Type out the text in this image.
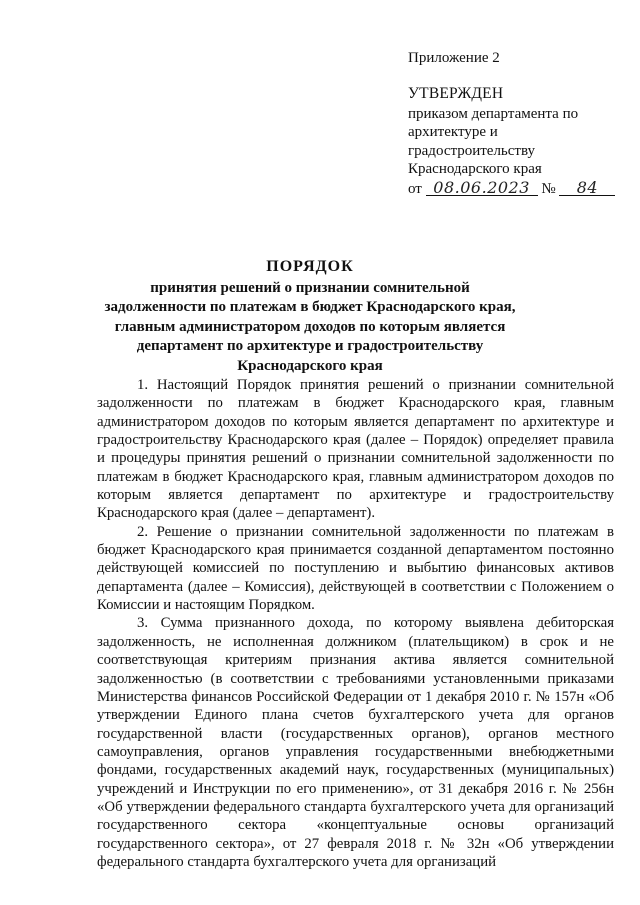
Приложение 2
УТВЕРЖДЕН
приказом департамента по
архитектуре и
градостроительству
Краснодарского края
от 08.06.2023 № 84
ПОРЯДОК
принятия решений о признании сомнительной
задолженности по платежам в бюджет Краснодарского края,
главным администратором доходов по которым является
департамент по архитектуре и градостроительству
Краснодарского края

1. Настоящий Порядок принятия решений о признании сомнительной задолженности по платежам в бюджет Краснодарского края, главным администратором доходов по которым является департамент по архитектуре и градостроительству Краснодарского края (далее – Порядок) определяет правила и процедуры принятия решений о признании сомнительной задолженности по платежам в бюджет Краснодарского края, главным администратором доходов по которым является департамент по архитектуре и градостроительству Краснодарского края (далее – департамент).

2. Решение о признании сомнительной задолженности по платежам в бюджет Краснодарского края принимается созданной департаментом постоянно действующей комиссией по поступлению и выбытию финансовых активов департамента (далее – Комиссия), действующей в соответствии с Положением о Комиссии и настоящим Порядком.

3. Сумма признанного дохода, по которому выявлена дебиторская задолженность, не исполненная должником (плательщиком) в срок и не соответствующая критериям признания актива является сомнительной задолженностью (в соответствии с требованиями установленными приказами Министерства финансов Российской Федерации от 1 декабря 2010 г. № 157н «Об утверждении Единого плана счетов бухгалтерского учета для органов государственной власти (государственных органов), органов местного самоуправления, органов управления государственными внебюджетными фондами, государственных академий наук, государственных (муниципальных) учреждений и Инструкции по его применению», от 31 декабря 2016 г. № 256н «Об утверждении федерального стандарта бухгалтерского учета для организаций государственного сектора «концептуальные основы организаций государственного сектора», от 27 февраля 2018 г. № 32н «Об утверждении федерального стандарта бухгалтерского учета для организаций
